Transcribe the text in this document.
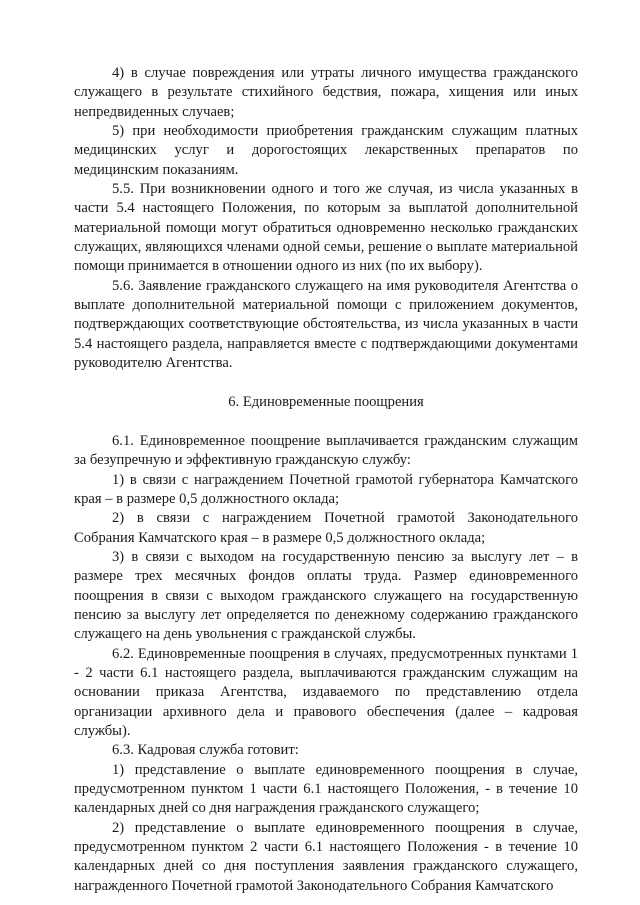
4) в случае повреждения или утраты личного имущества гражданского служащего в результате стихийного бедствия, пожара, хищения или иных непредвиденных случаев;

5) при необходимости приобретения гражданским служащим платных медицинских услуг и дорогостоящих лекарственных препаратов по медицинским показаниям.

5.5. При возникновении одного и того же случая, из числа указанных в части 5.4 настоящего Положения, по которым за выплатой дополнительной материальной помощи могут обратиться одновременно несколько гражданских служащих, являющихся членами одной семьи, решение о выплате материальной помощи принимается в отношении одного из них (по их выбору).

5.6. Заявление гражданского служащего на имя руководителя Агентства о выплате дополнительной материальной помощи с приложением документов, подтверждающих соответствующие обстоятельства, из числа указанных в части 5.4 настоящего раздела, направляется вместе с подтверждающими документами руководителю Агентства.

6. Единовременные поощрения

6.1. Единовременное поощрение выплачивается гражданским служащим за безупречную и эффективную гражданскую службу:

1) в связи с награждением Почетной грамотой губернатора Камчатского края – в размере 0,5 должностного оклада;

2) в связи с награждением Почетной грамотой Законодательного Собрания Камчатского края – в размере 0,5 должностного оклада;

3) в связи с выходом на государственную пенсию за выслугу лет – в размере трех месячных фондов оплаты труда. Размер единовременного поощрения в связи с выходом гражданского служащего на государственную пенсию за выслугу лет определяется по денежному содержанию гражданского служащего на день увольнения с гражданской службы.

6.2. Единовременные поощрения в случаях, предусмотренных пунктами 1 - 2 части 6.1 настоящего раздела, выплачиваются гражданским служащим на основании приказа Агентства, издаваемого по представлению отдела организации архивного дела и правового обеспечения (далее – кадровая службы).

6.3. Кадровая служба готовит:

1) представление о выплате единовременного поощрения в случае, предусмотренном пунктом 1 части 6.1 настоящего Положения, - в течение 10 календарных дней со дня награждения гражданского служащего;

2) представление о выплате единовременного поощрения в случае, предусмотренном пунктом 2 части 6.1 настоящего Положения - в течение 10 календарных дней со дня поступления заявления гражданского служащего, награжденного Почетной грамотой Законодательного Собрания Камчатского
